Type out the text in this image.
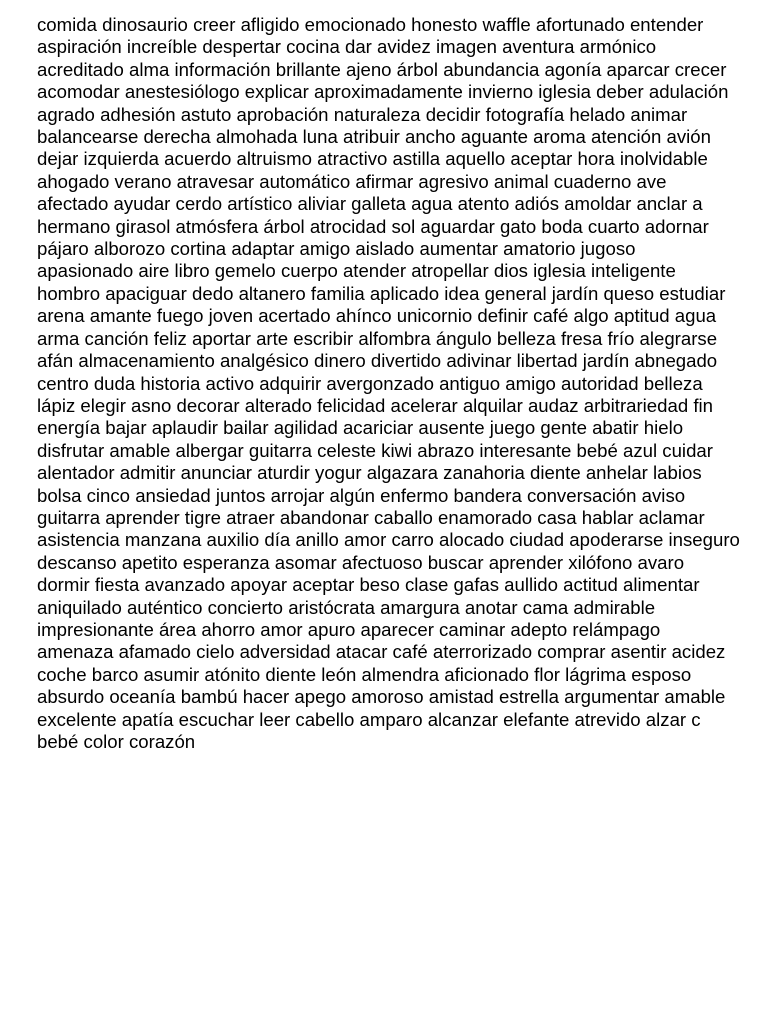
comida dinosaurio creer afligido emocionado honesto waffle afortunado entender
aspiración increíble despertar cocina dar avidez imagen aventura armónico
acreditado alma información brillante ajeno árbol abundancia agonía aparcar crecer
acomodar anestesiólogo explicar aproximadamente invierno iglesia deber adulación
agrado adhesión astuto aprobación naturaleza decidir fotografía helado animar
balancearse derecha almohada luna atribuir ancho aguante aroma atención avión
dejar izquierda acuerdo altruismo atractivo astilla aquello aceptar hora inolvidable
ahogado verano atravesar automático afirmar agresivo animal cuaderno ave
afectado ayudar cerdo artístico aliviar galleta agua atento adiós amoldar anclar a
hermano girasol atmósfera árbol atrocidad sol aguardar gato boda cuarto adornar
pájaro alborozo cortina adaptar amigo aislado aumentar amatorio jugoso
apasionado aire libro gemelo cuerpo atender atropellar dios iglesia inteligente
hombro apaciguar dedo altanero familia aplicado idea general jardín queso estudiar
arena amante fuego joven acertado ahínco unicornio definir café algo aptitud agua
arma canción feliz aportar arte escribir alfombra ángulo belleza fresa frío alegrarse
afán almacenamiento analgésico dinero divertido adivinar libertad jardín abnegado
centro duda historia activo adquirir avergonzado antiguo amigo autoridad belleza
lápiz elegir asno decorar alterado felicidad acelerar alquilar audaz arbitrariedad fin
energía bajar aplaudir bailar agilidad acariciar ausente juego gente abatir hielo
disfrutar amable albergar guitarra celeste kiwi abrazo interesante bebé azul cuidar
alentador admitir anunciar aturdir yogur algazara zanahoria diente anhelar labios
bolsa cinco ansiedad juntos arrojar algún enfermo bandera conversación aviso
guitarra aprender tigre atraer abandonar caballo enamorado casa hablar aclamar
asistencia manzana auxilio día anillo amor carro alocado ciudad apoderarse inseguro
descanso apetito esperanza asomar afectuoso buscar aprender xilófono avaro
dormir fiesta avanzado apoyar aceptar beso clase gafas aullido actitud alimentar
aniquilado auténtico concierto aristócrata amargura anotar cama admirable
impresionante área ahorro amor apuro aparecer caminar adepto relámpago
amenaza afamado cielo adversidad atacar café aterrorizado comprar asentir acidez
coche barco asumir atónito diente león almendra aficionado flor lágrima esposo
absurdo oceanía bambú hacer apego amoroso amistad estrella argumentar amable
excelente apatía escuchar leer cabello amparo alcanzar elefante atrevido alzar c
bebé color corazón
